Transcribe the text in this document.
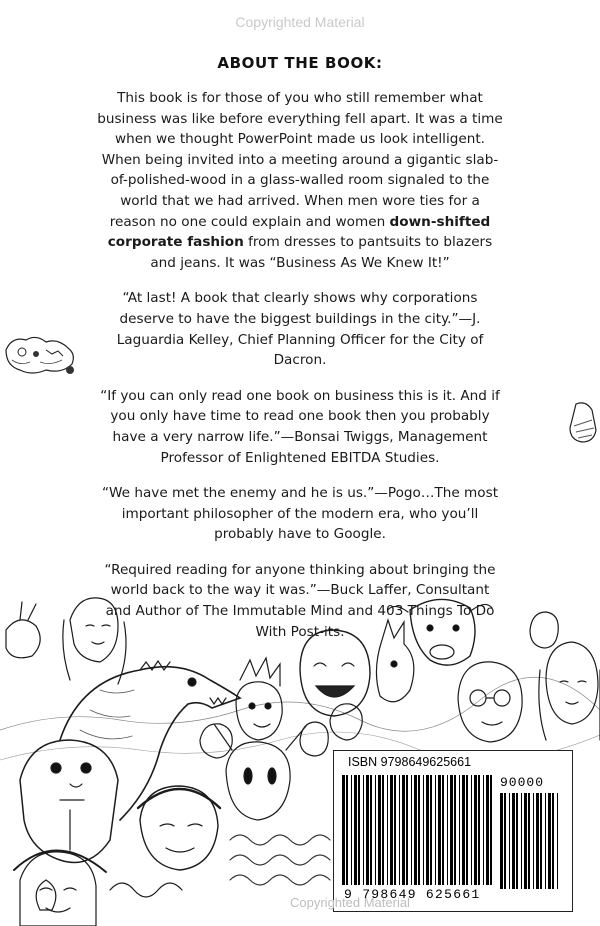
Copyrighted Material
ABOUT THE BOOK:

This book is for those of you who still remember what business was like before everything fell apart. It was a time when we thought PowerPoint made us look intelligent. When being invited into a meeting around a gigantic slab-of-polished-wood in a glass-walled room signaled to the world that we had arrived. When men wore ties for a reason no one could explain and women down-shifted corporate fashion from dresses to pantsuits to blazers and jeans. It was “Business As We Knew It!”

“At last! A book that clearly shows why corporations deserve to have the biggest buildings in the city.”—J. Laguardia Kelley, Chief Planning Officer for the City of Dacron.

“If you can only read one book on business this is it. And if you only have time to read one book then you probably have a very narrow life.”—Bonsai Twiggs, Management Professor of Enlightened EBITDA Studies.

“We have met the enemy and he is us.”—Pogo…The most important philosopher of the modern era, who you’ll probably have to Google.

“Required reading for anyone thinking about bringing the world back to the way it was.”—Buck Laffer, Consultant and Author of The Immutable Mind and 403 Things To Do With Post-its.

ISBN 9798649625661
90000
9 798649 625661
Copyrighted Material
